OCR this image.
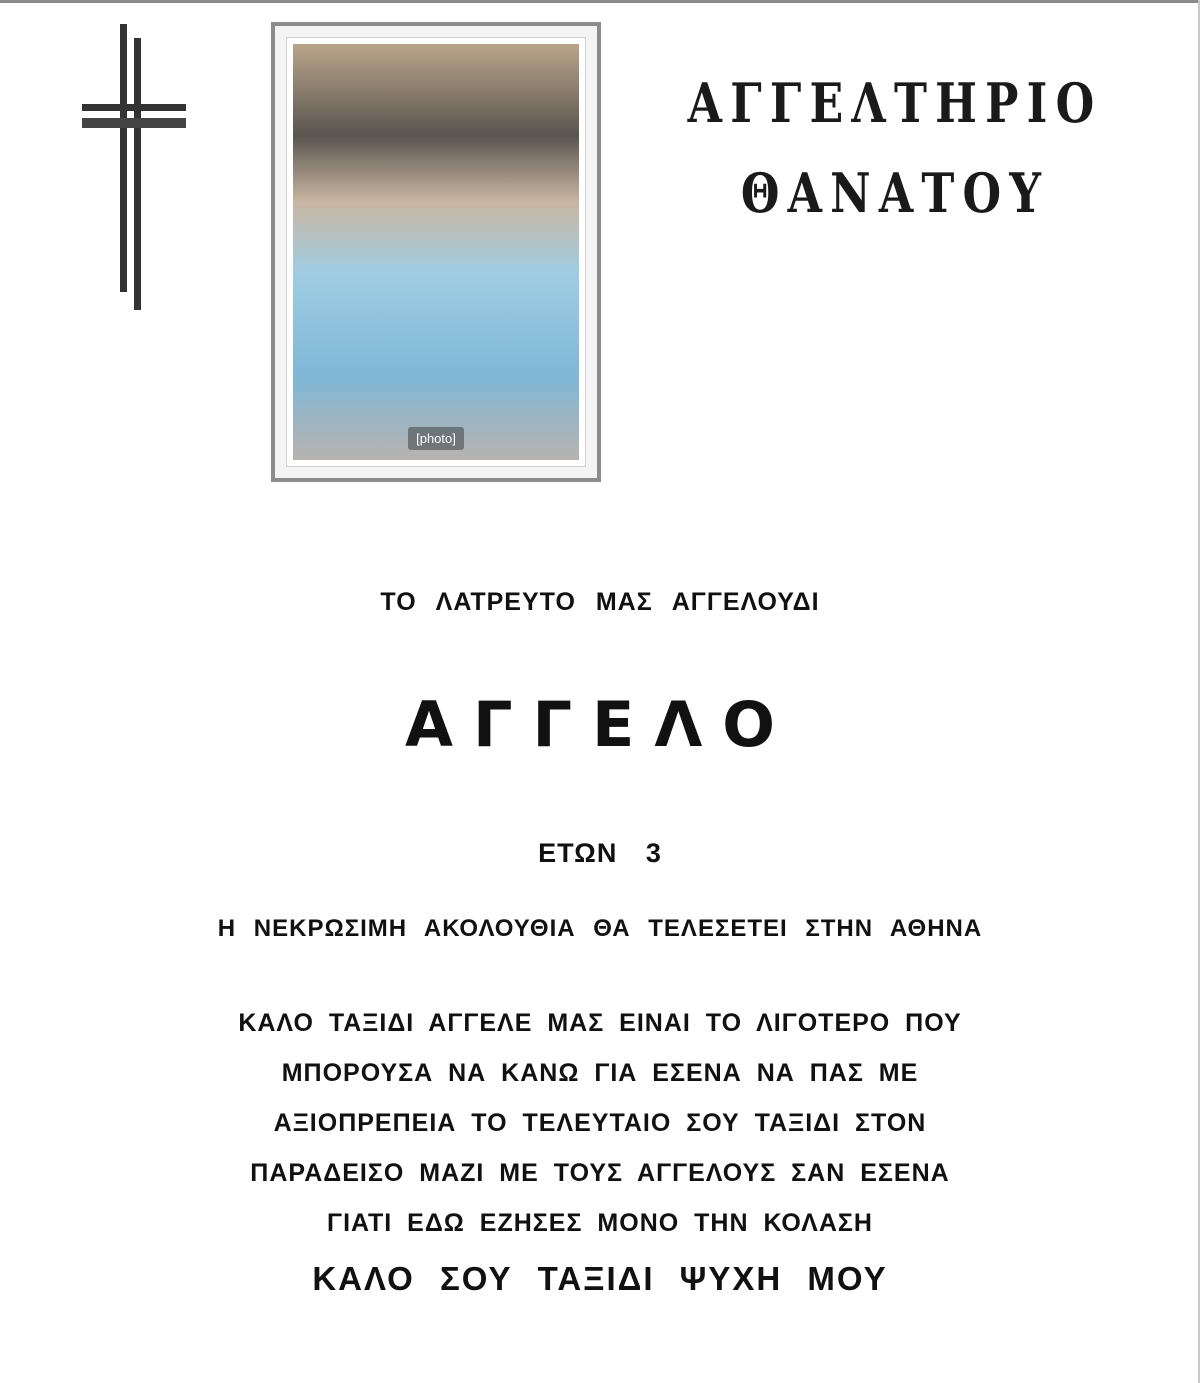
[photo]
ΑΓΓΕΛΤΗΡΙΟ
ΘΑΝΑΤΟΥ
ΤΟ ΛΑΤΡΕΥΤΟ ΜΑΣ ΑΓΓΕΛΟΥΔΙ
ΑΓΓΕΛΟ
ΕΤΩΝ 3
Η ΝΕΚΡΩΣΙΜΗ ΑΚΟΛΟΥΘΙΑ ΘΑ ΤΕΛΕΣΕΤΕΙ ΣΤΗΝ ΑΘΗΝΑ
ΚΑΛΟ ΤΑΞΙΔΙ ΑΓΓΕΛΕ ΜΑΣ ΕΙΝΑΙ ΤΟ ΛΙΓΟΤΕΡΟ ΠΟΥ
ΜΠΟΡΟΥΣΑ ΝΑ ΚΑΝΩ ΓΙΑ ΕΣΕΝΑ ΝΑ ΠΑΣ ΜΕ
ΑΞΙΟΠΡΕΠΕΙΑ ΤΟ ΤΕΛΕΥΤΑΙΟ ΣΟΥ ΤΑΞΙΔΙ ΣΤΟΝ
ΠΑΡΑΔΕΙΣΟ ΜΑΖΙ ΜΕ ΤΟΥΣ ΑΓΓΕΛΟΥΣ ΣΑΝ ΕΣΕΝΑ
ΓΙΑΤΙ ΕΔΩ ΕΖΗΣΕΣ ΜΟΝΟ ΤΗΝ ΚΟΛΑΣΗ
ΚΑΛΟ ΣΟΥ ΤΑΞΙΔΙ ΨΥΧΗ ΜΟΥ
